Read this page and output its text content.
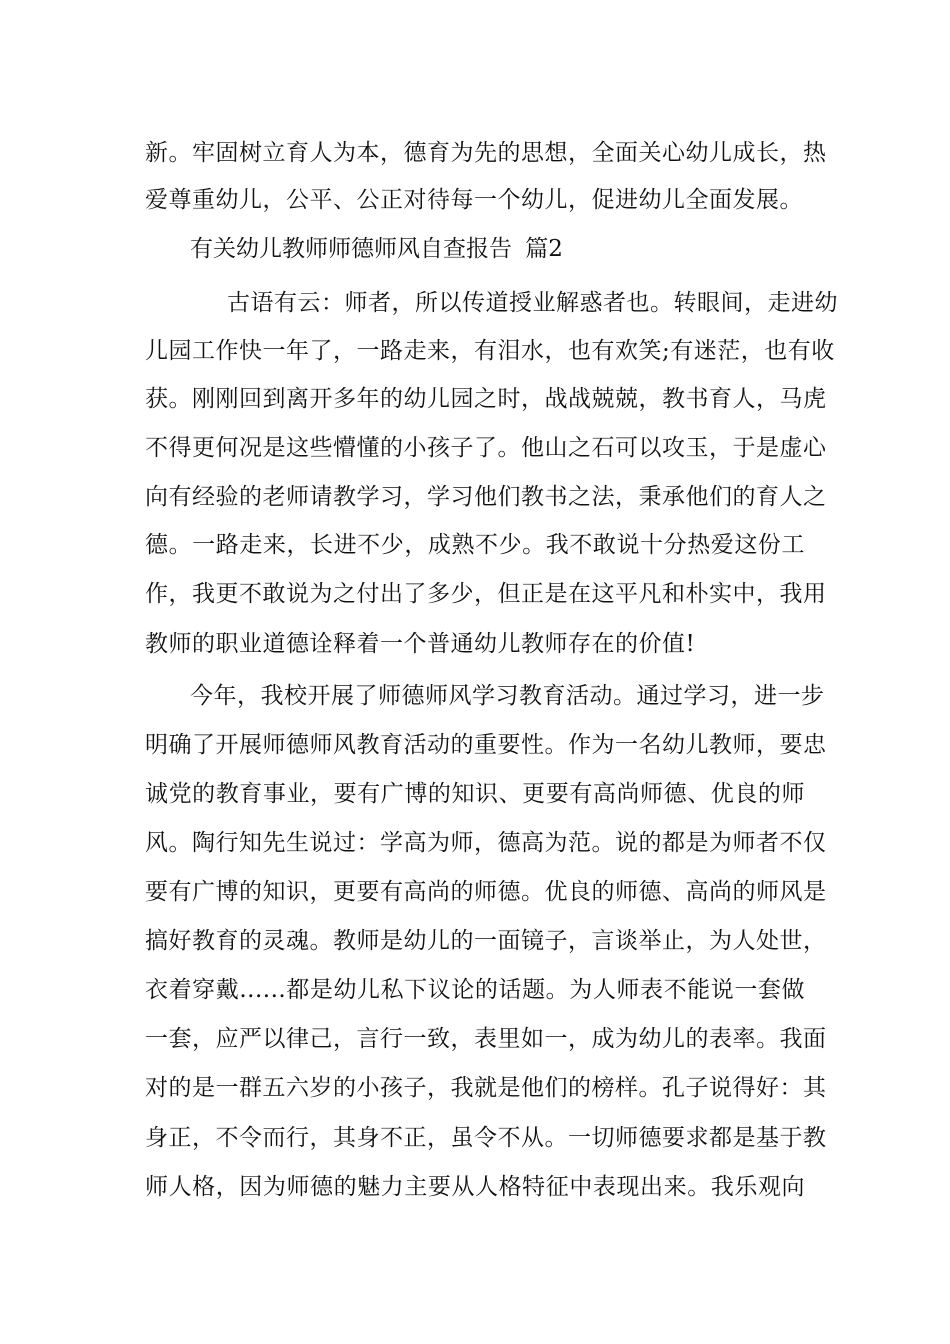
新。牢固树立育人为本，德育为先的思想，全面关心幼儿成长，热
爱尊重幼儿，公平、公正对待每一个幼儿，促进幼儿全面发展。
有关幼儿教师师德师风自查报告 篇2
古语有云：师者，所以传道授业解惑者也。转眼间，走进幼
儿园工作快一年了，一路走来，有泪水，也有欢笑;有迷茫，也有收
获。刚刚回到离开多年的幼儿园之时，战战兢兢，教书育人，马虎
不得更何况是这些懵懂的小孩子了。他山之石可以攻玉，于是虚心
向有经验的老师请教学习，学习他们教书之法，秉承他们的育人之
德。一路走来，长进不少，成熟不少。我不敢说十分热爱这份工
作，我更不敢说为之付出了多少，但正是在这平凡和朴实中，我用
教师的职业道德诠释着一个普通幼儿教师存在的价值!
今年，我校开展了师德师风学习教育活动。通过学习，进一步
明确了开展师德师风教育活动的重要性。作为一名幼儿教师，要忠
诚党的教育事业，要有广博的知识、更要有高尚师德、优良的师
风。陶行知先生说过：学高为师，德高为范。说的都是为师者不仅
要有广博的知识，更要有高尚的师德。优良的师德、高尚的师风是
搞好教育的灵魂。教师是幼儿的一面镜子，言谈举止，为人处世，
衣着穿戴......都是幼儿私下议论的话题。为人师表不能说一套做
一套，应严以律己，言行一致，表里如一，成为幼儿的表率。我面
对的是一群五六岁的小孩子，我就是他们的榜样。孔子说得好：其
身正，不令而行，其身不正，虽令不从。一切师德要求都是基于教
师人格，因为师德的魅力主要从人格特征中表现出来。我乐观向
